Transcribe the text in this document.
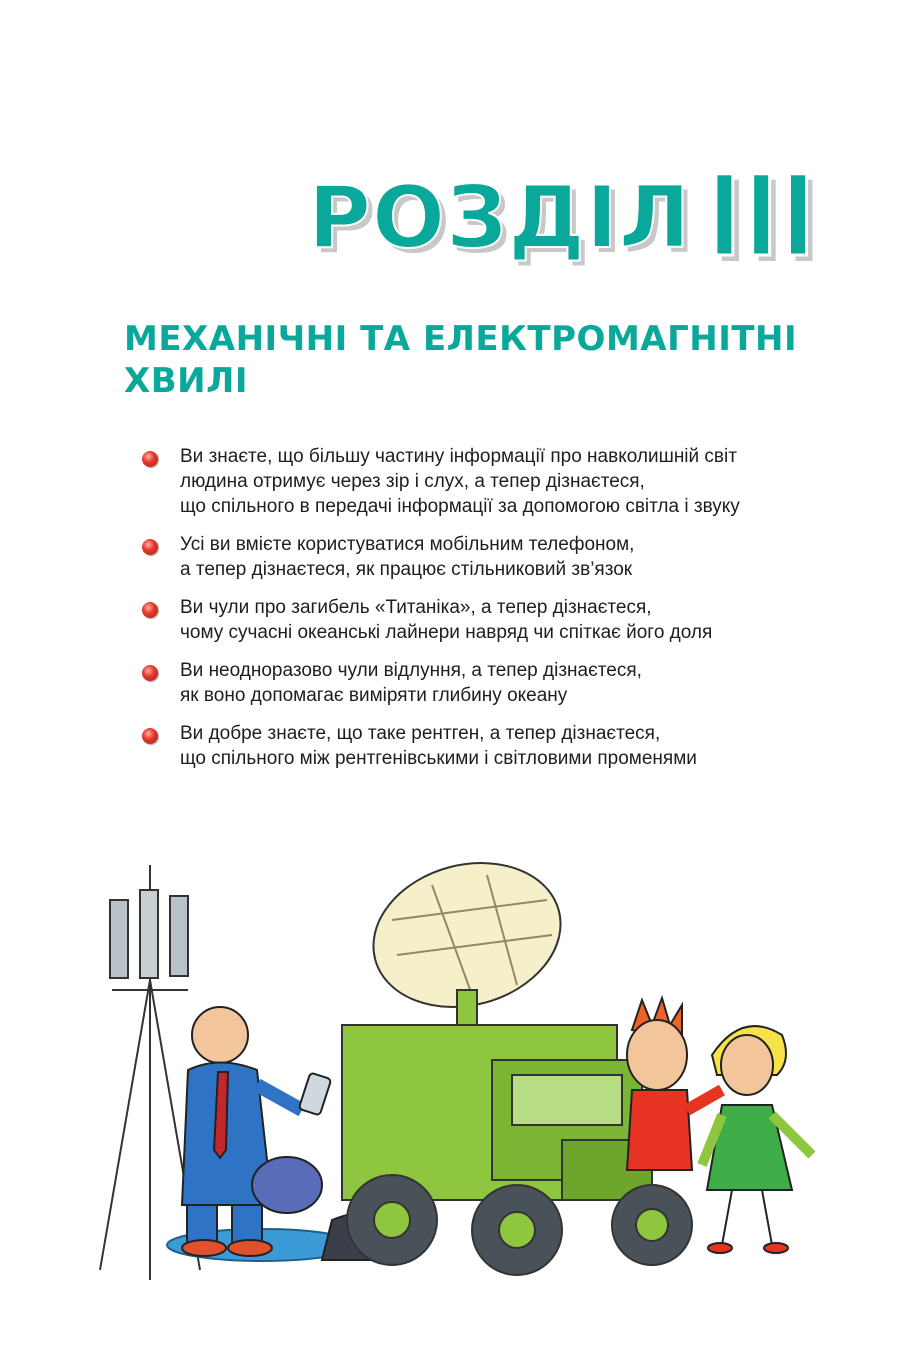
РОЗДІЛ III
МЕХАНІЧНІ ТА ЕЛЕКТРОМАГНІТНІ
ХВИЛІ
Ви знаєте, що більшу частину інформації про навколишній світ
людина отримує через зір і слух, а тепер дізнаєтеся,
що спільного в передачі інформації за допомогою світла і звуку
Усі ви вмієте користуватися мобільним телефоном,
а тепер дізнаєтеся, як працює стільниковий зв’язок
Ви чули про загибель «Титаніка», а тепер дізнаєтеся,
чому сучасні океанські лайнери навряд чи спіткає його доля
Ви неодноразово чули відлуння, а тепер дізнаєтеся,
як воно допомагає виміряти глибину океану
Ви добре знаєте, що таке рентген, а тепер дізнаєтеся,
що спільного між рентгенівськими і світловими променями
